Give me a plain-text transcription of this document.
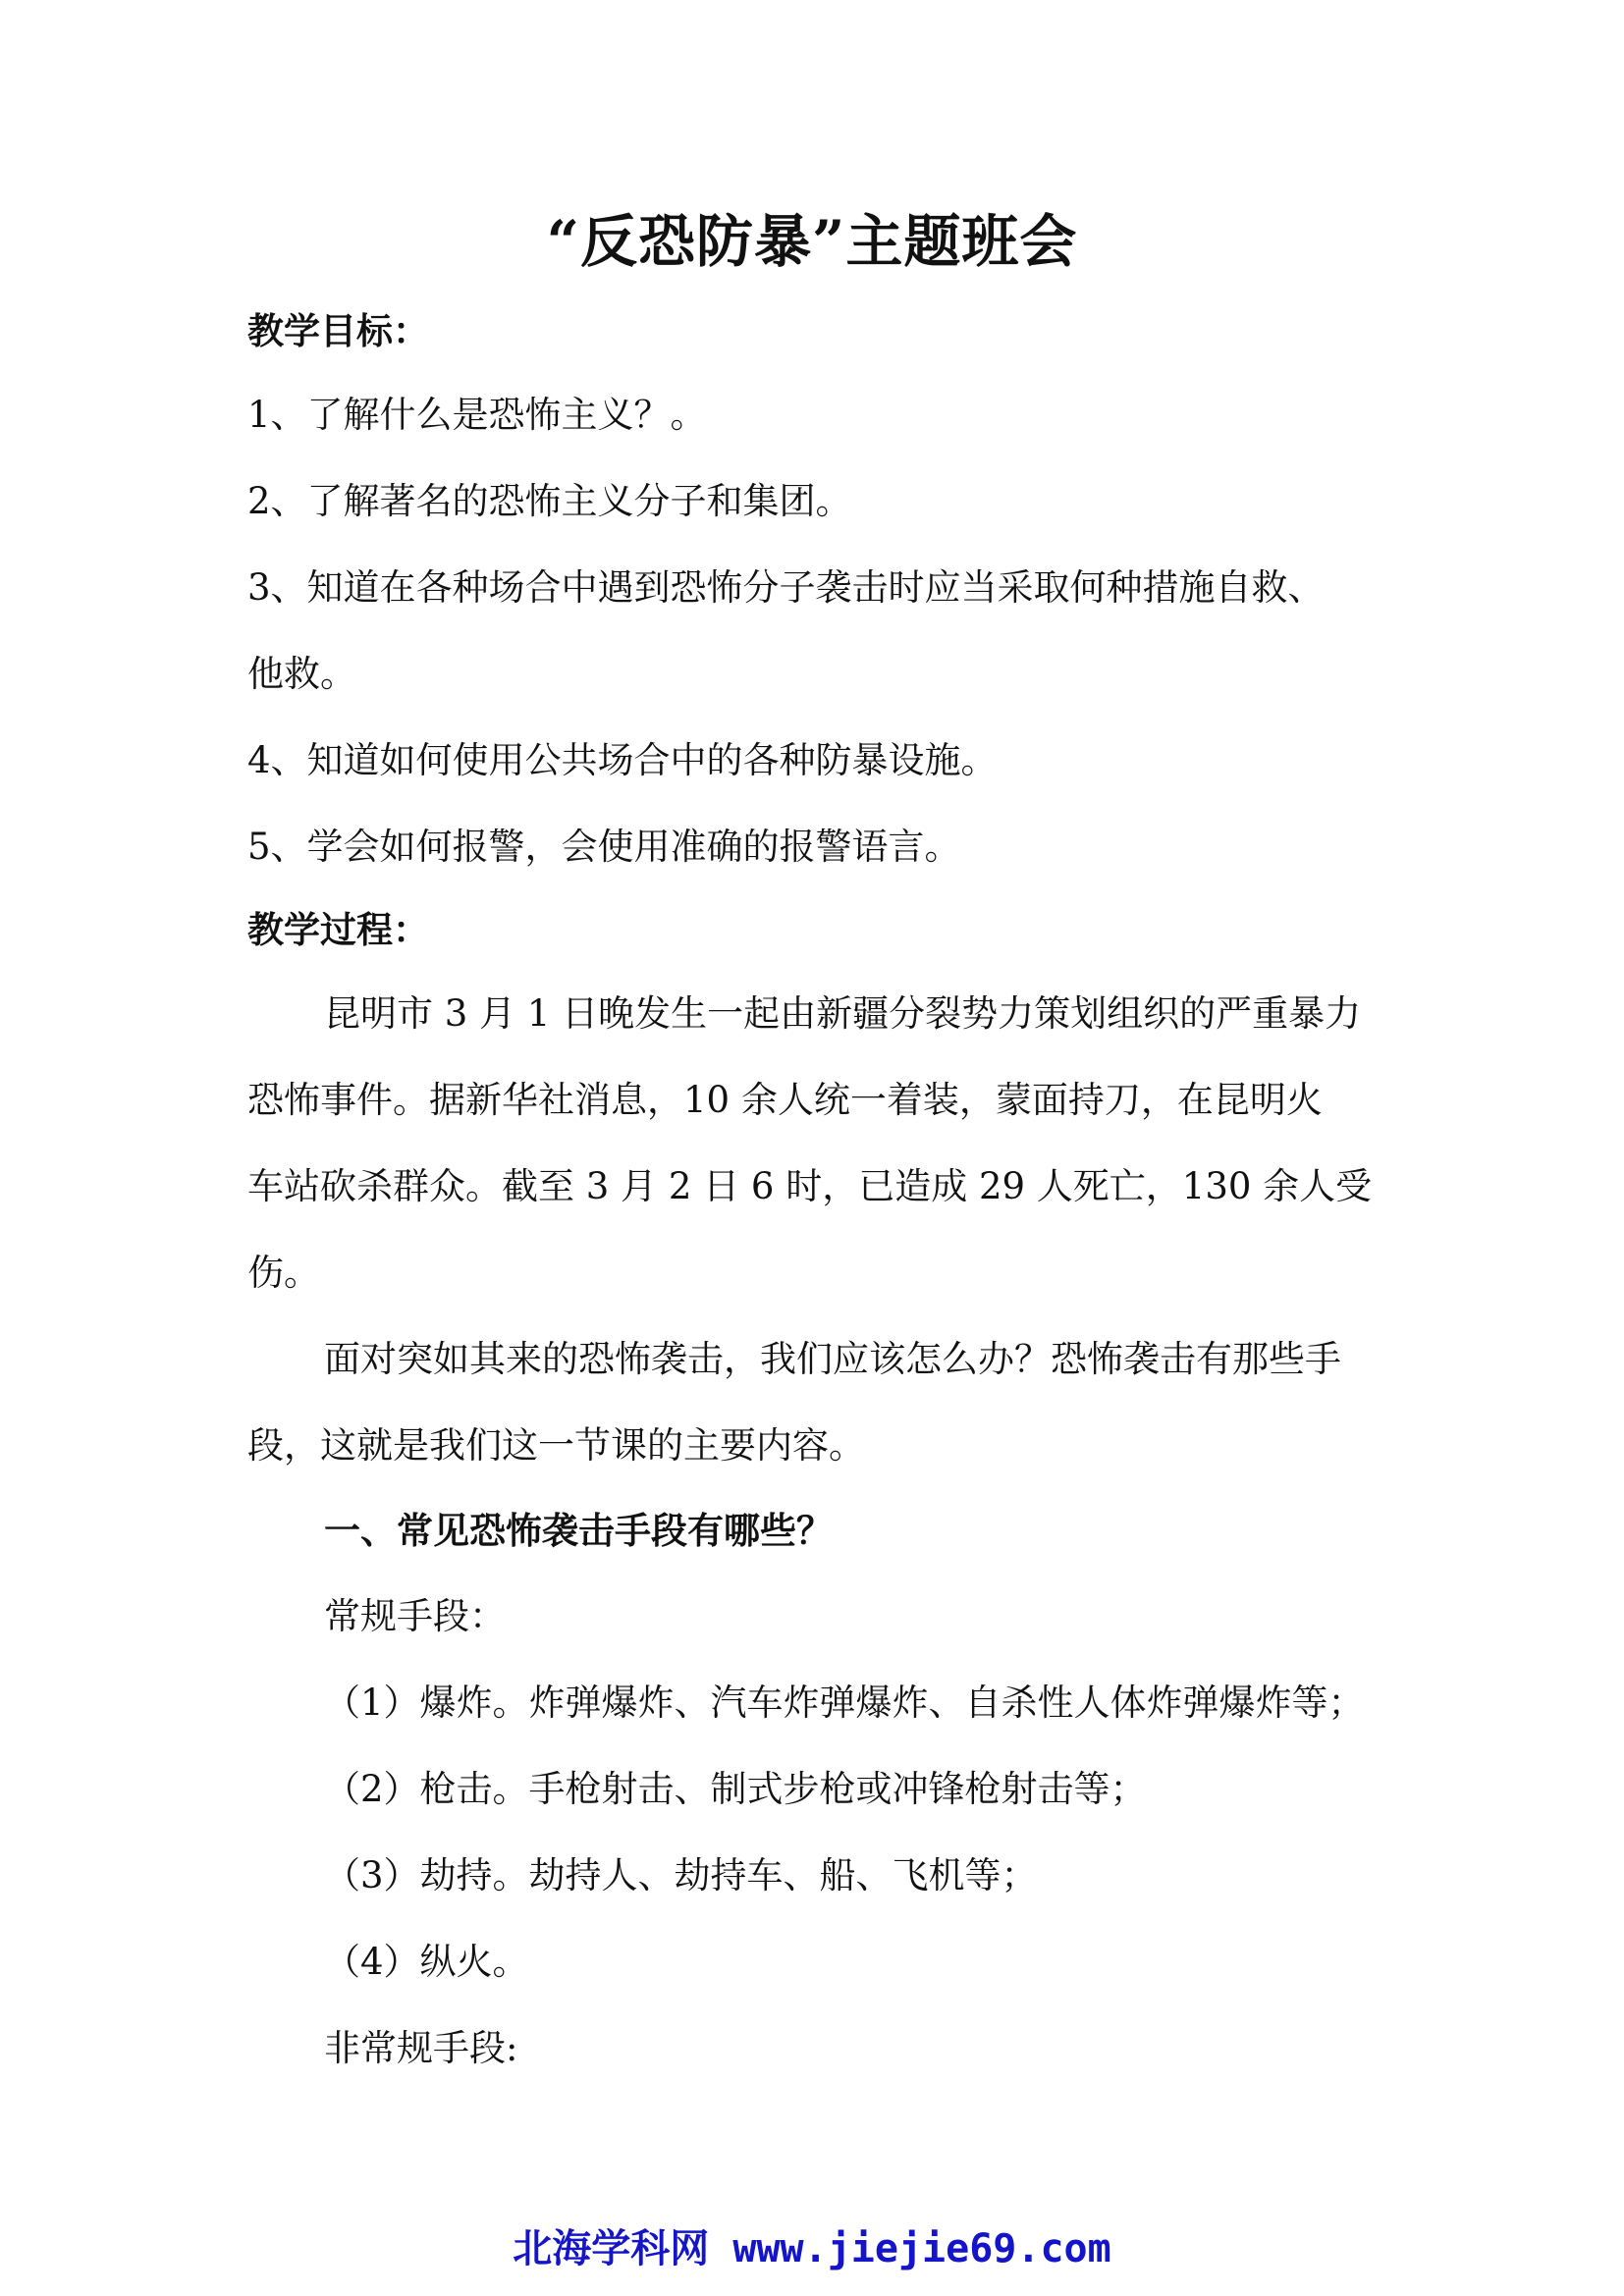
“反恐防暴”主题班会
教学目标：
1、了解什么是恐怖主义？。
2、了解著名的恐怖主义分子和集团。
3、知道在各种场合中遇到恐怖分子袭击时应当采取何种措施自救、
他救。
4、知道如何使用公共场合中的各种防暴设施。
5、学会如何报警，会使用准确的报警语言。
教学过程：
昆明市 3 月 1 日晚发生一起由新疆分裂势力策划组织的严重暴力
恐怖事件。据新华社消息，10 余人统一着装，蒙面持刀，在昆明火
车站砍杀群众。截至 3 月 2 日 6 时，已造成 29 人死亡，130 余人受
伤。
面对突如其来的恐怖袭击，我们应该怎么办？恐怖袭击有那些手
段，这就是我们这一节课的主要内容。
一、常见恐怖袭击手段有哪些？
常规手段：
（1）爆炸。炸弹爆炸、汽车炸弹爆炸、自杀性人体炸弹爆炸等；
（2）枪击。手枪射击、制式步枪或冲锋枪射击等；
（3）劫持。劫持人、劫持车、船、飞机等；
（4）纵火。
非常规手段:
北海学科网 www.jiejie69.com
